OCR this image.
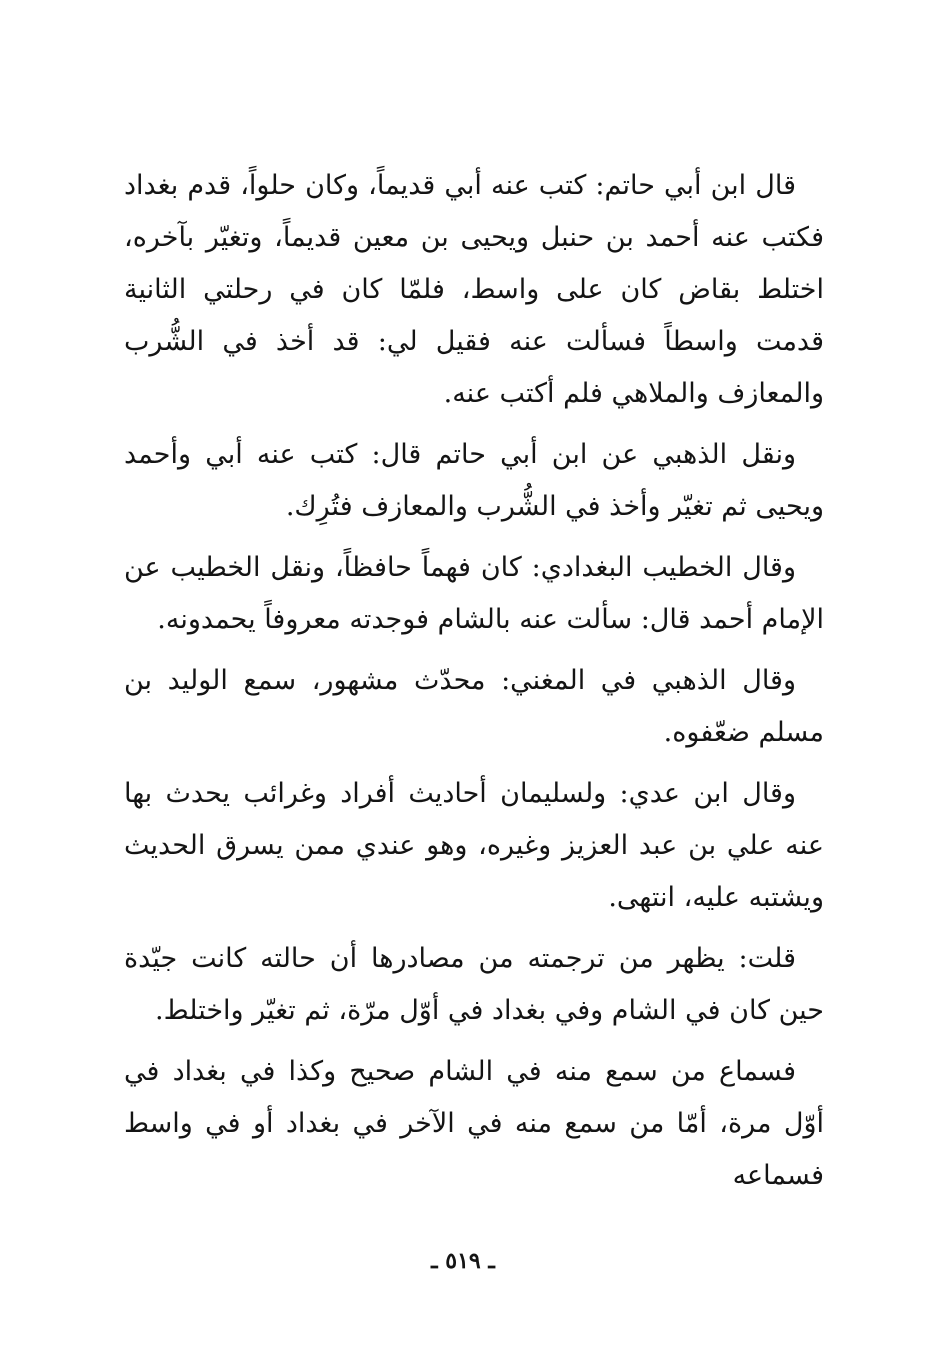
قال ابن أبي حاتم: كتب عنه أبي قديماً، وكان حلواً، قدم بغداد فكتب عنه أحمد بن حنبل ويحيى بن معين قديماً، وتغيّر بآخره، اختلط بقاض كان على واسط، فلمّا كان في رحلتي الثانية قدمت واسطاً فسألت عنه فقيل لي: قد أخذ في الشُّرب والمعازف والملاهي فلم أكتب عنه.

ونقل الذهبي عن ابن أبي حاتم قال: كتب عنه أبي وأحمد ويحيى ثم تغيّر وأخذ في الشُّرب والمعازف فتُرِك.

وقال الخطيب البغدادي: كان فهماً حافظاً، ونقل الخطيب عن الإمام أحمد قال: سألت عنه بالشام فوجدته معروفاً يحمدونه.

وقال الذهبي في المغني: محدّث مشهور، سمع الوليد بن مسلم ضعّفوه.

وقال ابن عدي: ولسليمان أحاديث أفراد وغرائب يحدث بها عنه علي بن عبد العزيز وغيره، وهو عندي ممن يسرق الحديث ويشتبه عليه، انتهى.

قلت: يظهر من ترجمته من مصادرها أن حالته كانت جيّدة حين كان في الشام وفي بغداد في أوّل مرّة، ثم تغيّر واختلط.

فسماع من سمع منه في الشام صحيح وكذا في بغداد في أوّل مرة، أمّا من سمع منه في الآخر في بغداد أو في واسط فسماعه

ـ ٥١٩ ـ
